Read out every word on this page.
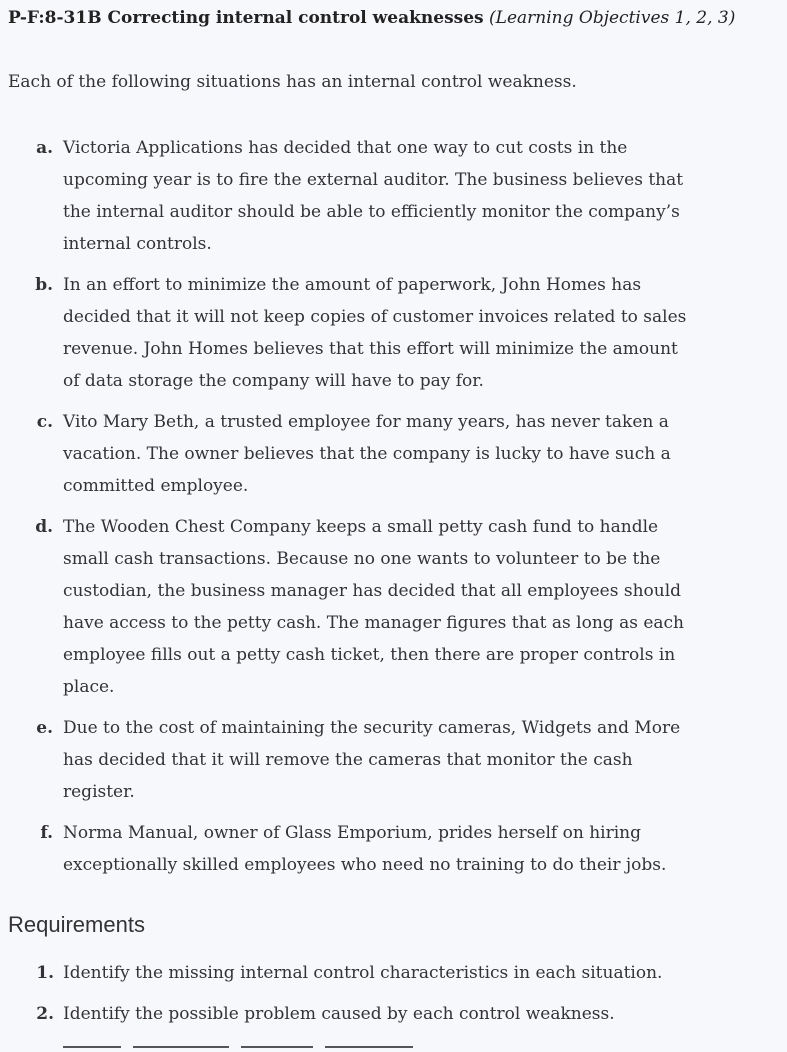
P-F:8-31B Correcting internal control weaknesses (Learning Objectives 1, 2, 3)
Each of the following situations has an internal control weakness.
a. Victoria Applications has decided that one way to cut costs in the upcoming year is to fire the external auditor. The business believes that the internal auditor should be able to efficiently monitor the company’s internal controls.
b. In an effort to minimize the amount of paperwork, John Homes has decided that it will not keep copies of customer invoices related to sales revenue. John Homes believes that this effort will minimize the amount of data storage the company will have to pay for.
c. Vito Mary Beth, a trusted employee for many years, has never taken a vacation. The owner believes that the company is lucky to have such a committed employee.
d. The Wooden Chest Company keeps a small petty cash fund to handle small cash transactions. Because no one wants to volunteer to be the custodian, the business manager has decided that all employees should have access to the petty cash. The manager figures that as long as each employee fills out a petty cash ticket, then there are proper controls in place.
e. Due to the cost of maintaining the security cameras, Widgets and More has decided that it will remove the cameras that monitor the cash register.
f. Norma Manual, owner of Glass Emporium, prides herself on hiring exceptionally skilled employees who need no training to do their jobs.
Requirements
1. Identify the missing internal control characteristics in each situation.
2. Identify the possible problem caused by each control weakness.
